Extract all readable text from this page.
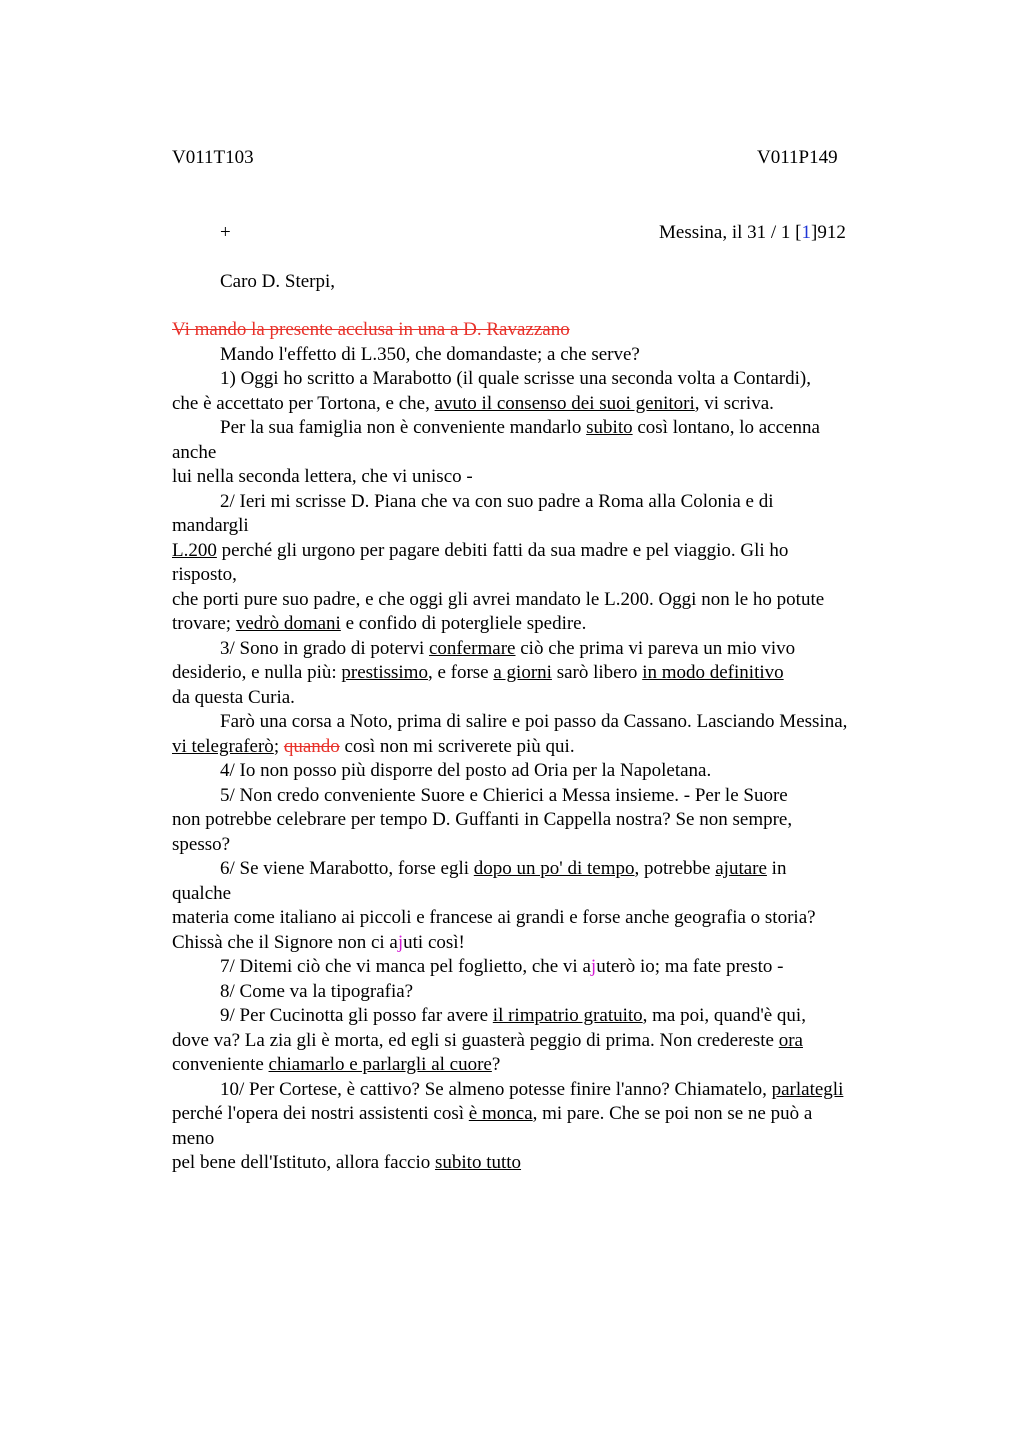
V011T103	V011P149
+	Messina, il 31 / 1 [1]912
Caro D. Sterpi,
Vi mando la presente acclusa in una a D. Ravazzano
Mando l'effetto di L.350, che domandaste; a che serve?
1) Oggi ho scritto a Marabotto (il quale scrisse una seconda volta a Contardi),
che è accettato per Tortona, e che, avuto il consenso dei suoi genitori, vi scriva.
Per la sua famiglia non è conveniente mandarlo subito così lontano, lo accenna
anche
lui nella seconda lettera, che vi unisco -
2/ Ieri mi scrisse D. Piana che va con suo padre a Roma alla Colonia e di
mandargli
L.200 perché gli urgono per pagare debiti fatti da sua madre e pel viaggio. Gli ho
risposto,
che porti pure suo padre, e che oggi gli avrei mandato le L.200. Oggi non le ho potute
trovare; vedrò domani e confido di potergliele spedire.
3/ Sono in grado di potervi confermare ciò che prima vi pareva un mio vivo
desiderio, e nulla più: prestissimo, e forse a giorni sarò libero in modo definitivo
da questa Curia.
Farò una corsa a Noto, prima di salire e poi passo da Cassano. Lasciando Messina,
vi telegraferò; quando così non mi scriverete più qui.
4/ Io non posso più disporre del posto ad Oria per la Napoletana.
5/ Non credo conveniente Suore e Chierici a Messa insieme. - Per le Suore
non potrebbe celebrare per tempo D. Guffanti in Cappella nostra? Se non sempre,
spesso?
6/ Se viene Marabotto, forse egli dopo un po' di tempo, potrebbe ajutare in
qualche
materia come italiano ai piccoli e francese ai grandi e forse anche geografia o storia?
Chissà che il Signore non ci ajuti così!
7/ Ditemi ciò che vi manca pel foglietto, che vi ajuterò io; ma fate presto -
8/ Come va la tipografia?
9/ Per Cucinotta gli posso far avere il rimpatrio gratuito, ma poi, quand'è qui,
dove va? La zia gli è morta, ed egli si guasterà peggio di prima. Non credereste ora
conveniente chiamarlo e parlargli al cuore?
10/ Per Cortese, è cattivo? Se almeno potesse finire l'anno? Chiamatelo, parlategli
perché l'opera dei nostri assistenti così è monca, mi pare. Che se poi non se ne può a
meno
pel bene dell'Istituto, allora faccio subito tutto
